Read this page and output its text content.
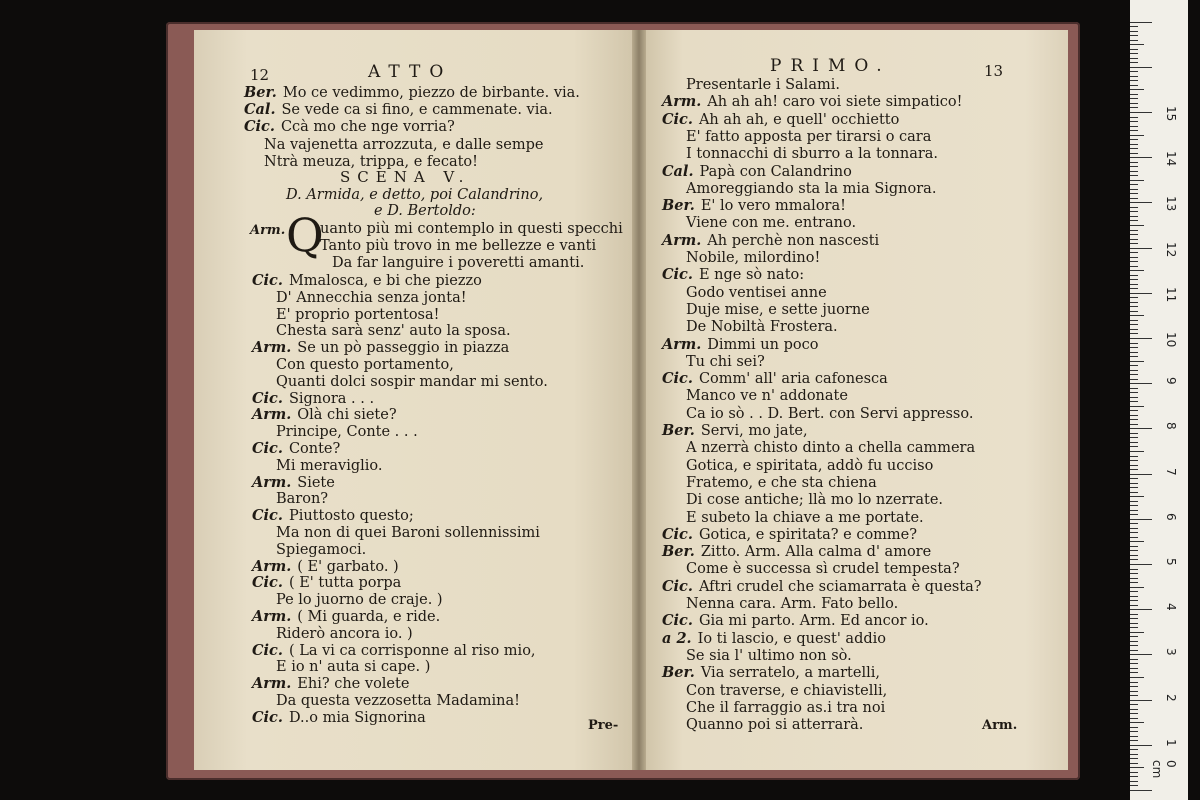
12	ATTO
Ber. Mo ce vedimmo, piezzo de birbante. via.
Cal. Se vede ca si fino, e cammenate. via.
Cic. Ccà mo che nge vorria?
Na vajenetta arrozzuta, e dalle sempe
Ntrà meuza, trippa, e fecato!
SCENA V.
D. Armida, e detto, poi Calandrino,
e D. Bertoldo:
Arm. Q
uanto più mi contemplo in questi specchi
Tanto più trovo in me bellezze e vanti
Da far languire i poveretti amanti.
Cic. Mmalosca, e bi che piezzo
D' Annecchia senza jonta!
E' proprio portentosa!
Chesta sarà senz' auto la sposa.
Arm. Se un pò passeggio in piazza
Con questo portamento,
Quanti dolci sospir mandar mi sento.
Cic. Signora . . .
Arm. Olà chi siete?
Principe, Conte . . .
Cic. Conte?
Mi meraviglio.
Arm. Siete
Baron?
Cic. Piuttosto questo;
Ma non di quei Baroni sollennissimi
Spiegamoci.
Arm. ( E' garbato. )
Cic. ( E' tutta porpa
Pe lo juorno de craje. )
Arm. ( Mi guarda, e ride.
Riderò ancora io. )
Cic. ( La vi ca corrisponne al riso mio,
E io n' auta si cape. )
Arm. Ehi? che volete
Da questa vezzosetta Madamina!
Cic. D..o mia Signorina	Pre-
PRIMO.	13
Presentarle i Salami.
Arm. Ah ah ah! caro voi siete simpatico!
Cic. Ah ah ah, e quell' occhietto
E' fatto apposta per tirarsi o cara
I tonnacchi di sburro a la tonnara.
Cal. Papà con Calandrino
Amoreggiando sta la mia Signora.
Ber. E' lo vero mmalora!
Viene con me. entrano.
Arm. Ah perchè non nascesti
Nobile, milordino!
Cic. E nge sò nato:
Godo ventisei anne
Duje mise, e sette juorne
De Nobiltà Frostera.
Arm. Dimmi un poco
Tu chi sei?
Cic. Comm' all' aria cafonesca
Manco ve n' addonate
Ca io sò . . D. Bert. con Servi appresso.
Ber. Servi, mo jate,
A nzerrà chisto dinto a chella cammera
Gotica, e spiritata, addò fu ucciso
Fratemo, e che sta chiena
Di cose antiche; llà mo lo nzerrate.
E subeto la chiave a me portate.
Cic. Gotica, e spiritata? e comme?
Ber. Zitto. Arm. Alla calma d' amore
Come è successa sì crudel tempesta?
Cic. Aftri crudel che sciamarrata è questa?
Nenna cara. Arm. Fato bello.
Cic. Gia mi parto. Arm. Ed ancor io.
a 2. Io ti lascio, e quest' addio
Se sia l' ultimo non sò.
Ber. Via serratelo, a martelli,
Con traverse, e chiavistelli,
Che il farraggio as.i tra noi
Quanno poi si atterrarà.	Arm.
0 cm
1
2
3
4
5
6
7
8
9
10
11
12
13
14
15
